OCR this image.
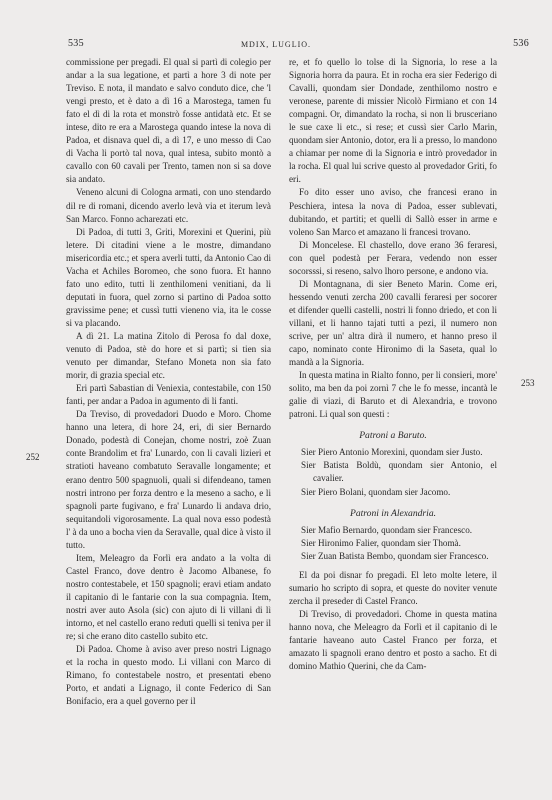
535	MDIX, LUGLIO.	536
252
253

commissione per pregadi. El qual si partì di colegio per andar a la sua legatione, et partì a hore 3 di note per Treviso. E nota, il mandato e salvo conduto dice, che 'l vengi presto, et è dato a dì 16 a Marostega, tamen fu fato el dì di la rota et monstrò fosse antidatà etc. Et se intese, dito re era a Marostega quando intese la nova di Padoa, et disnava quel dì, a dì 17, e uno messo di Cao di Vacha li portò tal nova, qual intesa, subito montò a cavallo con 60 cavali per Trento, tamen non si sa dove sia andato.

Veneno alcuni di Cologna armati, con uno stendardo dil re di romani, dicendo averlo levà via et iterum levà San Marco. Fonno acharezati etc.

Di Padoa, di tutti 3, Griti, Morexini et Querini, più letere. Di citadini viene a le mostre, dimandano misericordia etc.; et spera averli tutti, da Antonio Cao di Vacha et Achiles Boromeo, che sono fuora. Et hanno fato uno edito, tutti li zenthilomeni venitiani, da li deputati in fuora, quel zorno si partino di Padoa sotto gravissime pene; et cussì tutti vieneno via, ita le cosse si va placando.

A dì 21. La matina Zitolo di Perosa fo dal doxe, venuto di Padoa, stè do hore et si partì; si tien sia venuto per dimandar, Stefano Moneta non sia fato morir, di grazia special etc.

Eri partì Sabastian di Veniexia, contestabile, con 150 fanti, per andar a Padoa in agumento di li fanti.

Da Treviso, di provedadori Duodo e Moro. Chome hanno una letera, di hore 24, eri, di sier Bernardo Donado, podestà di Conejan, chome nostri, zoè Zuan conte Brandolim et fra' Lunardo, con li cavali lizieri et stratioti haveano combatuto Seravalle longamente; et erano dentro 500 spagnuoli, quali si difendeano, tamen nostri introno per forza dentro e la meseno a sacho, e li spagnoli parte fugivano, e fra' Lunardo li andava drio, sequitandoli vigorosamente. La qual nova esso podestà l' à da uno a bocha vien da Seravalle, qual dice à visto il tutto.

Item, Meleagro da Forlì era andato a la volta di Castel Franco, dove dentro è Jacomo Albanese, fo nostro contestabele, et 150 spagnoli; eravi etiam andato il capitanio di le fantarie con la sua compagnia. Item, nostri aver auto Asola (sic) con ajuto di li villani di lì intorno, et nel castello erano reduti quelli si teniva per il re; si che erano dito castello subito etc.

Di Padoa. Chome à aviso aver preso nostri Lignago et la rocha in questo modo. Li villani con Marco di Rimano, fo contestabele nostro, et presentati ebeno Porto, et andati a Lignago, il conte Federico di San Bonifacio, era a quel governo per il

re, et fo quello lo tolse di la Signoria, lo rese a la Signoria horra da paura. Et in rocha era sier Federigo di Cavalli, quondam sier Dondade, zenthilomo nostro e veronese, parente di missier Nicolò Firmiano et con 14 compagni. Or, dimandato la rocha, si non li brusceriano le sue caxe li etc., si rese; et cussì sier Carlo Marin, quondam sier Antonio, dotor, era li a presso, lo mandono a chiamar per nome di la Signoria e intrò provedador in la rocha. El qual lui scrive questo al provedador Griti, fo eri.

Fo dito esser uno aviso, che francesi erano in Peschiera, intesa la nova di Padoa, esser sublevati, dubitando, et partiti; et quelli di Sallò esser in arme e voleno San Marco et amazano li francesi trovano.

Di Moncelese. El chastello, dove erano 36 feraresi, con quel podestà per Ferara, vedendo non esser socorsssi, si reseno, salvo lhoro persone, e andono via.

Di Montagnana, di sier Beneto Marin. Come eri, hessendo venuti zercha 200 cavalli feraresi per socorer et difender quelli castelli, nostri li fonno driedo, et con li villani, et li hanno tajati tutti a pezi, il numero non scrive, per un' altra dirà il numero, et hanno preso il capo, nominato conte Hironimo di la Saseta, qual lo mandà a la Signoria.

In questa matina in Rialto fonno, per li consieri, more' solito, ma ben da poi zornì 7 che le fo messe, incantà le galie di viazi, di Baruto et di Alexandria, e trovono patroni. Li qual son questi :

Patroni a Baruto.

Sier Piero Antonio Morexini, quondam sier Justo.

Sier Batista Boldù, quondam sier Antonio, el cavalier.

Sier Piero Bolani, quondam sier Jacomo.

Patroni in Alexandria.

Sier Mafio Bernardo, quondam sier Francesco.

Sier Hironimo Falier, quondam sier Thomà.

Sier Zuan Batista Bembo, quondam sier Francesco.

El da poi disnar fo pregadi. El leto molte letere, il sumario ho scripto di sopra, et queste do noviter venute zercha il preseder di Castel Franco.

Di Treviso, di provedadori. Chome in questa matina hanno nova, che Meleagro da Forlì et il capitanio di le fantarie haveano auto Castel Franco per forza, et amazato li spagnoli erano dentro et posto a sacho. Et di domino Mathio Querini, che da Cam-
